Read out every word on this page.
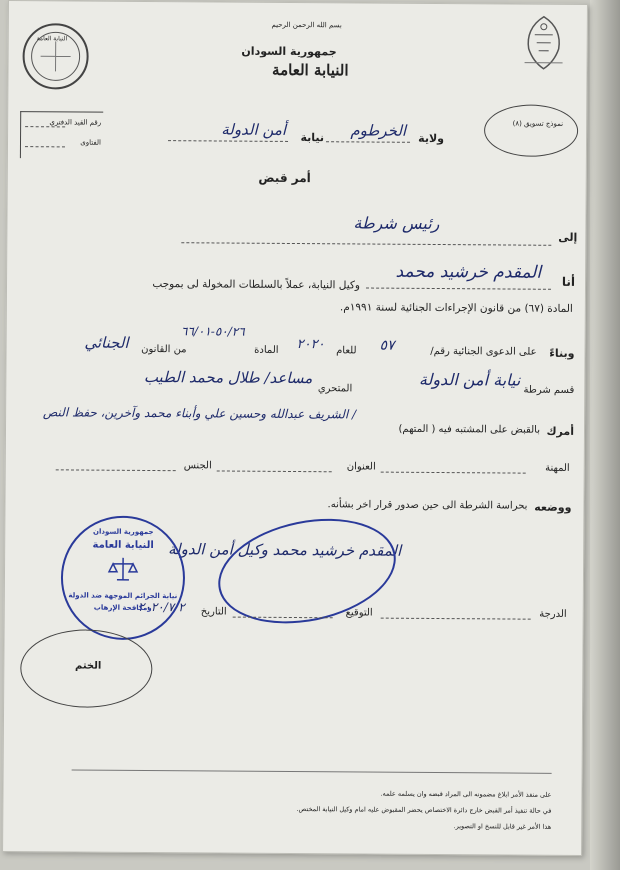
بسم الله الرحمن الرحيم
جمهورية السودان
النيابة العامة
النيابة العامة
نموذج تسويق (٨)
رقم القيد الدفتري
الفتاوى	ولاية
الخرطوم
نيابة
أمن الدولة
أمر قبض
إلى
رئيس شرطة
أنا
المقدم خرشيد محمد
وكيل النيابة، عملاً بالسلطات المخولة لى بموجب
المادة (٦٧) من قانون الإجراءات الجنائية لسنة ١٩٩١م.
وبناءً
على الدعوى الجنائية رقم/
٥٧
للعام
٢٠٢٠
المادة
٥٠/٢٦-٦٦/٠١
من القانون
الجنائي
قسم شرطة
نيابة أمن الدولة
المتحري
مساعد/ طلال محمد الطيب
أمرك
بالقبض على المشتبه فيه ( المتهم)
/ الشريف عبدالله وحسين علي وأبناء محمد وآخرين، حفظ النص
المهنة
العنوان
الجنس
ووضعه
بحراسة الشرطة الى حين صدور قرار اخر بشأنه.
المقدم خرشيد محمد وكيل أمن الدولة
الدرجة
التوقيع
التاريخ
٢٠٢٠/٧/٢
جمهورية السودان
النيابة العامة
نيابة الجرائم الموجهة ضد الدولة
ومكافحة الإرهاب
الختم
على منفذ الأمر ابلاغ مضمونه الى المراد قبضه وان يسلمه علمه.
في حالة تنفيذ أمر القبض خارج دائرة الاختصاص يحضر المقبوض عليه امام وكيل النيابة المختص.
هذا الأمر غير قابل للنسخ او التصوير.
